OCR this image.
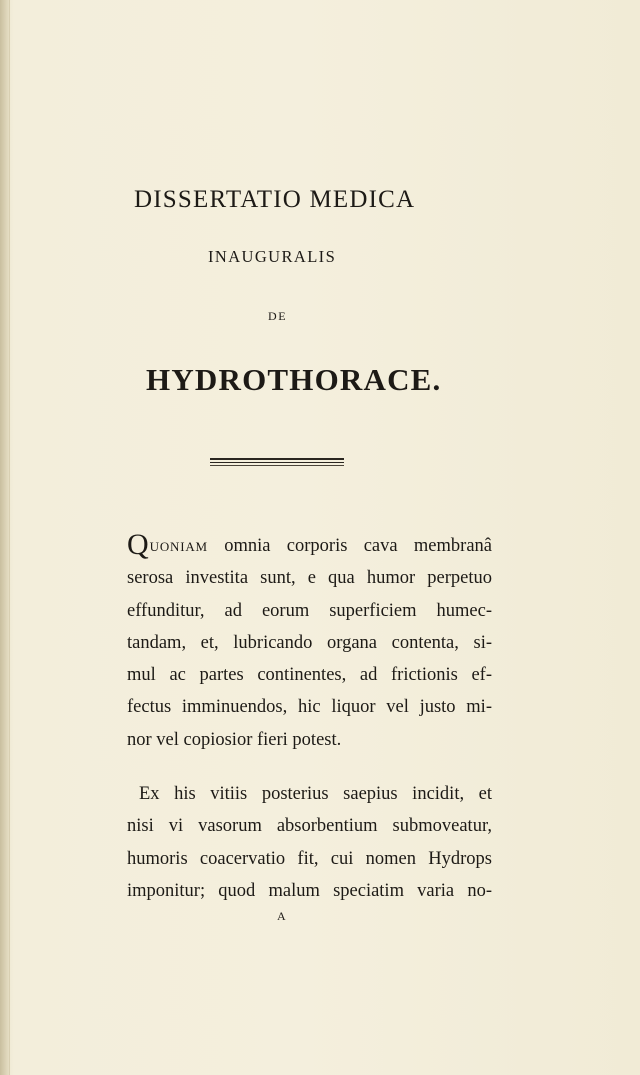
DISSERTATIO MEDICA
INAUGURALIS
DE
HYDROTHORACE.
Quoniam omnia corporis cava membranâ
serosa investita sunt, e qua humor perpetuo
effunditur, ad eorum superficiem humec-
tandam, et, lubricando organa contenta, si-
mul ac partes continentes, ad frictionis ef-
fectus imminuendos, hic liquor vel justo mi-
nor vel copiosior fieri potest.
Ex his vitiis posterius saepius incidit, et
nisi vi vasorum absorbentium submoveatur,
humoris coacervatio fit, cui nomen Hydrops
imponitur; quod malum speciatim varia no-
A
